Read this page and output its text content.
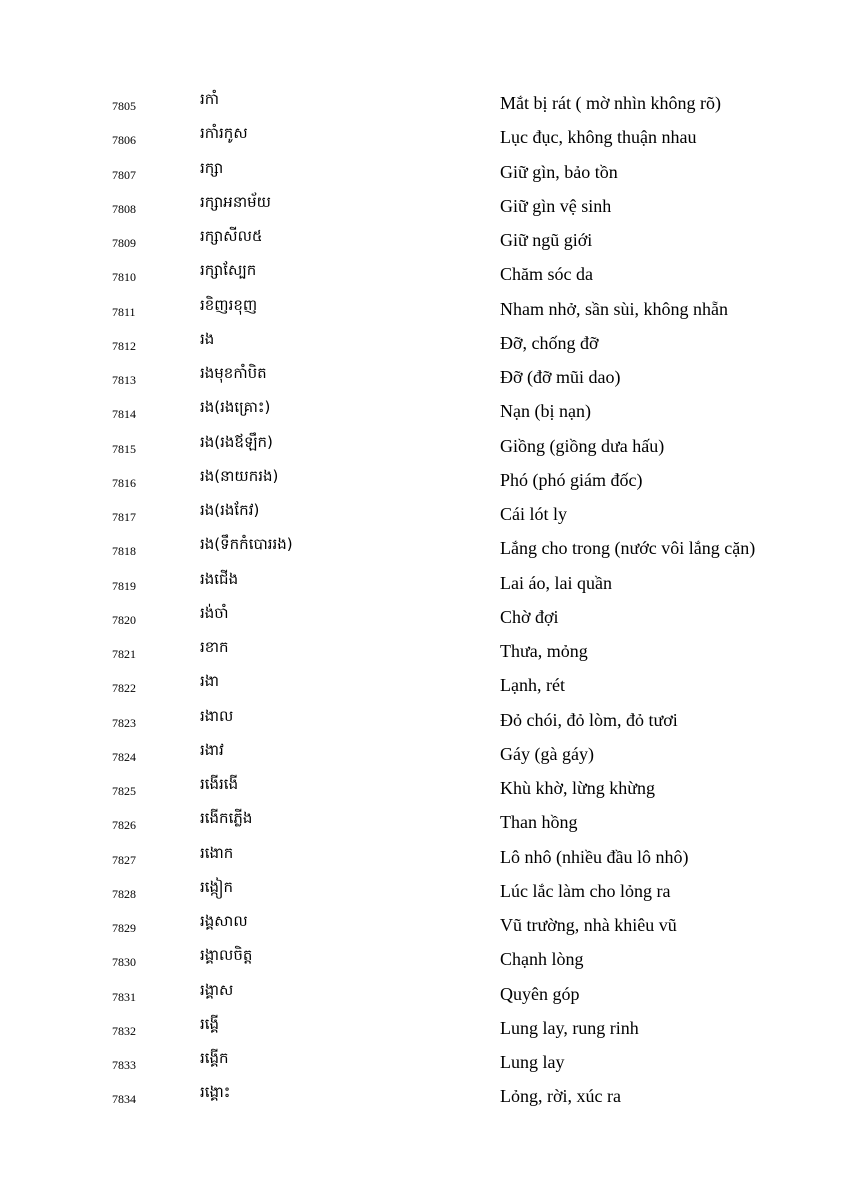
7805	រកាំ	Mắt bị rát ( mờ nhìn không rõ)
7806	រកាំរកូស	Lục đục, không thuận nhau
7807	រក្សា	Giữ gìn, bảo tồn
7808	រក្សាអនាម័យ	Giữ gìn vệ sinh
7809	រក្សាសីល៥	Giữ ngũ giới
7810	រក្សាស្បែក	Chăm sóc da
7811	រខិញរខុញ	Nham nhở, sần sùi, không nhẵn
7812	រង	Đỡ, chống đỡ
7813	រងមុខកាំបិត	Đỡ (đỡ mũi dao)
7814	រង(រងគ្រោះ)	Nạn (bị nạn)
7815	រង(រងឪឡឹក)	Giồng (giồng dưa hấu)
7816	រង(នាយករង)	Phó (phó giám đốc)
7817	រង(រងកែវ)	Cái lót ly
7818	រង(ទឹកកំបោររង)	Lắng cho trong (nước vôi lắng cặn)
7819	រងជើង	Lai áo, lai quần
7820	រង់ចាំ	Chờ đợi
7821	រខាក	Thưa, mỏng
7822	រងា	Lạnh, rét
7823	រងាល	Đỏ chói, đỏ lòm, đỏ tươi
7824	រងាវ	Gáy (gà gáy)
7825	រងើរងើ	Khù khờ, lừng khừng
7826	រងើកភ្លើង	Than hồng
7827	រងោក	Lô nhô (nhiều đầu lô nhô)
7828	រង្កៀក	Lúc lắc làm cho lỏng ra
7829	រង្គសាល	Vũ trường, nhà khiêu vũ
7830	រង្គាលចិត្ត	Chạnh lòng
7831	រង្គាស	Quyên góp
7832	រង្គើ	Lung lay, rung rinh
7833	រង្គើក	Lung lay
7834	រង្គោះ	Lỏng, rời, xúc ra
